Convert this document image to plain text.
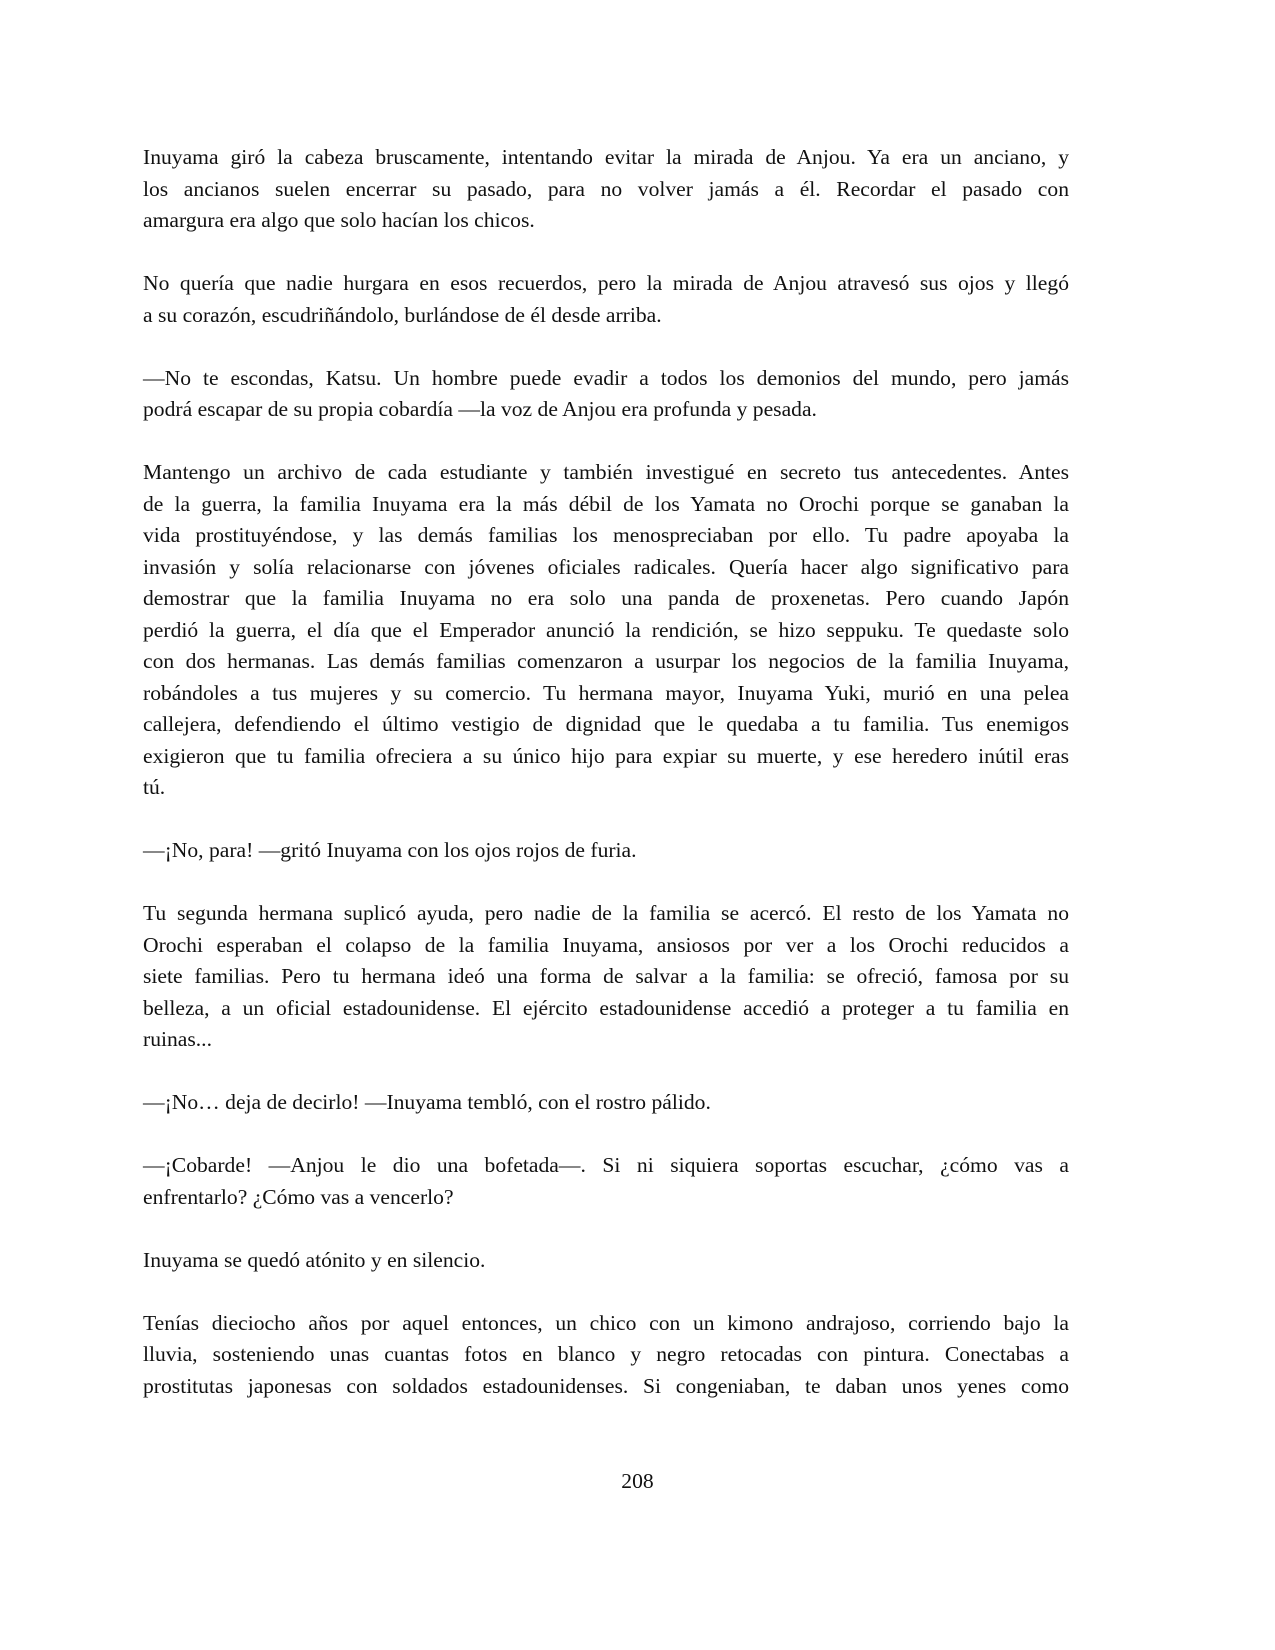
Inuyama giró la cabeza bruscamente, intentando evitar la mirada de Anjou. Ya era un anciano, y
los ancianos suelen encerrar su pasado, para no volver jamás a él. Recordar el pasado con
amargura era algo que solo hacían los chicos.
No quería que nadie hurgara en esos recuerdos, pero la mirada de Anjou atravesó sus ojos y llegó
a su corazón, escudriñándolo, burlándose de él desde arriba.
—No te escondas, Katsu. Un hombre puede evadir a todos los demonios del mundo, pero jamás
podrá escapar de su propia cobardía —la voz de Anjou era profunda y pesada.
Mantengo un archivo de cada estudiante y también investigué en secreto tus antecedentes. Antes
de la guerra, la familia Inuyama era la más débil de los Yamata no Orochi porque se ganaban la
vida prostituyéndose, y las demás familias los menospreciaban por ello. Tu padre apoyaba la
invasión y solía relacionarse con jóvenes oficiales radicales. Quería hacer algo significativo para
demostrar que la familia Inuyama no era solo una panda de proxenetas. Pero cuando Japón
perdió la guerra, el día que el Emperador anunció la rendición, se hizo seppuku. Te quedaste solo
con dos hermanas. Las demás familias comenzaron a usurpar los negocios de la familia Inuyama,
robándoles a tus mujeres y su comercio. Tu hermana mayor, Inuyama Yuki, murió en una pelea
callejera, defendiendo el último vestigio de dignidad que le quedaba a tu familia. Tus enemigos
exigieron que tu familia ofreciera a su único hijo para expiar su muerte, y ese heredero inútil eras
tú.
—¡No, para! —gritó Inuyama con los ojos rojos de furia.
Tu segunda hermana suplicó ayuda, pero nadie de la familia se acercó. El resto de los Yamata no
Orochi esperaban el colapso de la familia Inuyama, ansiosos por ver a los Orochi reducidos a
siete familias. Pero tu hermana ideó una forma de salvar a la familia: se ofreció, famosa por su
belleza, a un oficial estadounidense. El ejército estadounidense accedió a proteger a tu familia en
ruinas...
—¡No… deja de decirlo! —Inuyama tembló, con el rostro pálido.
—¡Cobarde! —Anjou le dio una bofetada—. Si ni siquiera soportas escuchar, ¿cómo vas a
enfrentarlo? ¿Cómo vas a vencerlo?
Inuyama se quedó atónito y en silencio.
Tenías dieciocho años por aquel entonces, un chico con un kimono andrajoso, corriendo bajo la
lluvia, sosteniendo unas cuantas fotos en blanco y negro retocadas con pintura. Conectabas a
prostitutas japonesas con soldados estadounidenses. Si congeniaban, te daban unos yenes como
208
